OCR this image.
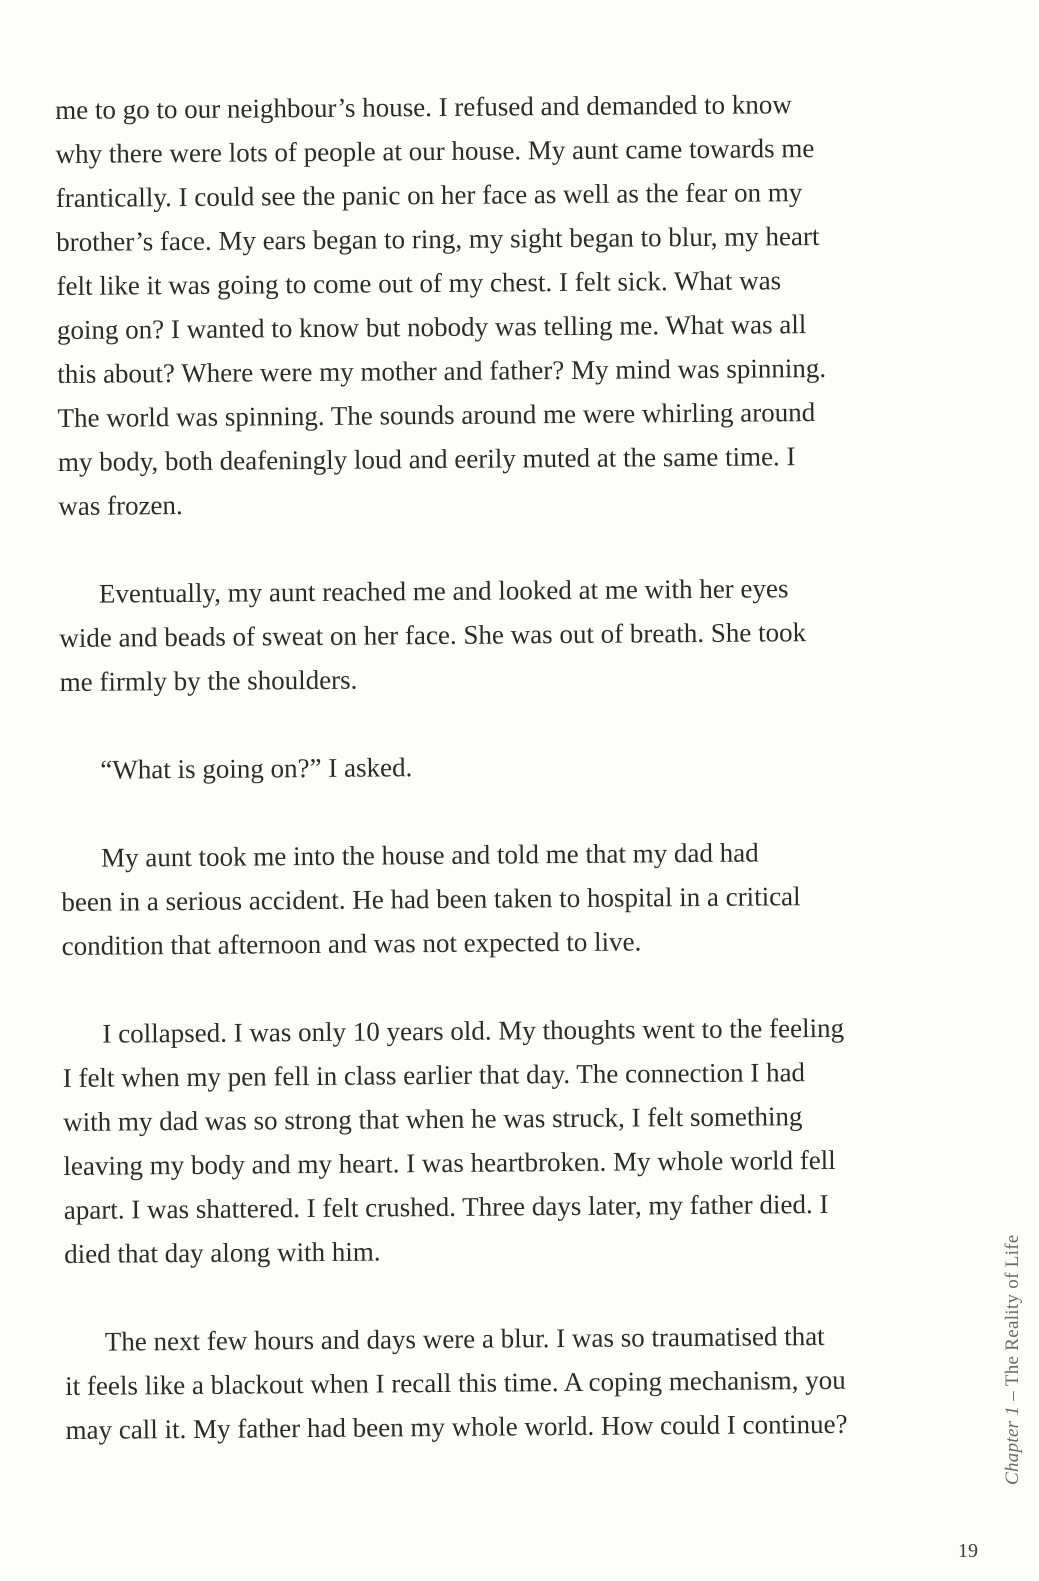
me to go to our neighbour’s house. I refused and demanded to know
why there were lots of people at our house. My aunt came towards me
frantically. I could see the panic on her face as well as the fear on my
brother’s face. My ears began to ring, my sight began to blur, my heart
felt like it was going to come out of my chest. I felt sick. What was
going on? I wanted to know but nobody was telling me. What was all
this about? Where were my mother and father? My mind was spinning.
The world was spinning. The sounds around me were whirling around
my body, both deafeningly loud and eerily muted at the same time. I
was frozen.

Eventually, my aunt reached me and looked at me with her eyes
wide and beads of sweat on her face. She was out of breath. She took
me firmly by the shoulders.

“What is going on?” I asked.

My aunt took me into the house and told me that my dad had
been in a serious accident. He had been taken to hospital in a critical
condition that afternoon and was not expected to live.

I collapsed. I was only 10 years old. My thoughts went to the feeling
I felt when my pen fell in class earlier that day. The connection I had
with my dad was so strong that when he was struck, I felt something
leaving my body and my heart. I was heartbroken. My whole world fell
apart. I was shattered. I felt crushed. Three days later, my father died. I
died that day along with him.

The next few hours and days were a blur. I was so traumatised that
it feels like a blackout when I recall this time. A coping mechanism, you
may call it. My father had been my whole world. How could I continue?	Chapter 1 – The Reality of Life
19
